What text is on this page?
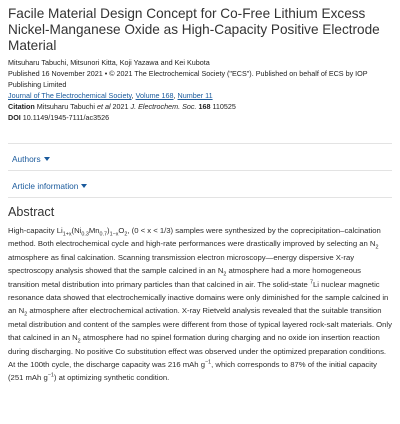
Facile Material Design Concept for Co-Free Lithium Excess Nickel-Manganese Oxide as High-Capacity Positive Electrode Material
Mitsuharu Tabuchi, Mitsunori Kitta, Koji Yazawa and Kei Kubota
Published 16 November 2021 • © 2021 The Electrochemical Society ("ECS"). Published on behalf of ECS by IOP Publishing Limited
Journal of The Electrochemical Society, Volume 168, Number 11
Citation Mitsuharu Tabuchi et al 2021 J. Electrochem. Soc. 168 110525
DOI 10.1149/1945-7111/ac3526
Authors
Article information
Abstract

High-capacity $Li_{1+x}(Ni_{0.3}Mn_{0.7})_{1-x}O_2$, (0 < x < 1/3) samples were synthesized by the coprecipitation–calcination method. Both electrochemical cycle and high-rate performances were drastically improved by selecting an $N_2$ atmosphere as final calcination. Scanning transmission electron microscopy—energy dispersive X-ray spectroscopy analysis showed that the sample calcined in an $N_2$ atmosphere had a more homogeneous transition metal distribution into primary particles than that calcined in air. The solid-state $^7$Li nuclear magnetic resonance data showed that electrochemically inactive domains were only diminished for the sample calcined in an $N_2$ atmosphere after electrochemical activation. X-ray Rietveld analysis revealed that the suitable transition metal distribution and content of the samples were different from those of typical layered rock-salt materials. Only that calcined in an $N_2$ atmosphere had no spinel formation during charging and no oxide ion insertion reaction during discharging. No positive Co substitution effect was observed under the optimized preparation conditions. At the 100th cycle, the discharge capacity was 216 mAh $g^{-1}$, which corresponds to 87% of the initial capacity (251 mAh $g^{-1}$) at optimizing synthetic condition.
